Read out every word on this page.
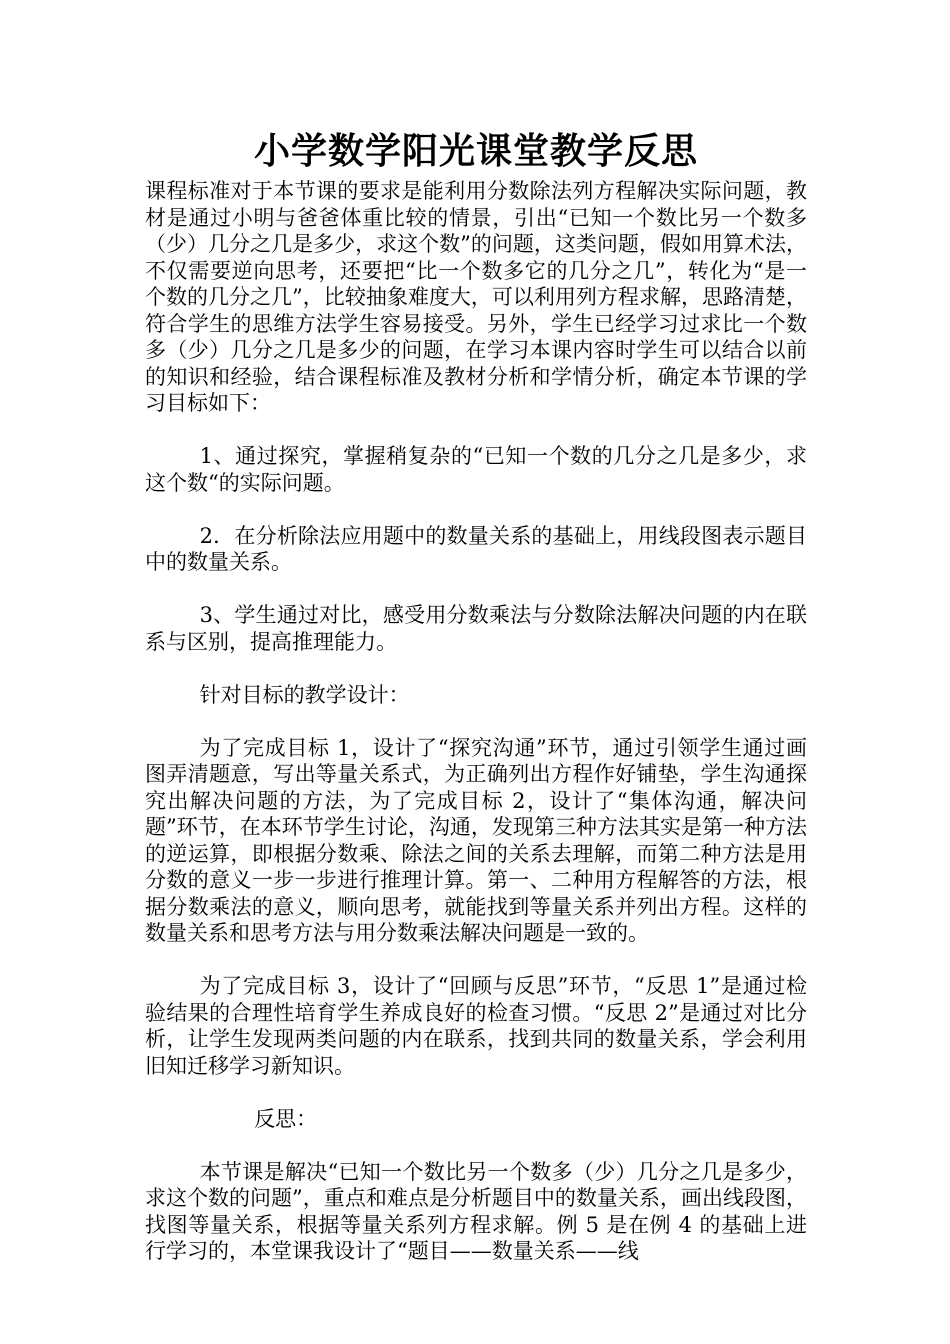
小学数学阳光课堂教学反思

课程标准对于本节课的要求是能利用分数除法列方程解决实际问题，教材是通过小明与爸爸体重比较的情景，引出“已知一个数比另一个数多（少）几分之几是多少，求这个数”的问题，这类问题，假如用算术法，不仅需要逆向思考，还要把“比一个数多它的几分之几”，转化为“是一个数的几分之几”，比较抽象难度大，可以利用列方程求解，思路清楚，符合学生的思维方法学生容易接受。另外，学生已经学习过求比一个数多（少）几分之几是多少的问题，在学习本课内容时学生可以结合以前的知识和经验，结合课程标准及教材分析和学情分析，确定本节课的学习目标如下：

1、通过探究，掌握稍复杂的“已知一个数的几分之几是多少，求这个数“的实际问题。

2．在分析除法应用题中的数量关系的基础上，用线段图表示题目中的数量关系。

3、学生通过对比，感受用分数乘法与分数除法解决问题的内在联系与区别，提高推理能力。

针对目标的教学设计：

为了完成目标 1，设计了“探究沟通”环节，通过引领学生通过画图弄清题意，写出等量关系式，为正确列出方程作好铺垫，学生沟通探究出解决问题的方法，为了完成目标 2，设计了“集体沟通，解决问题”环节，在本环节学生讨论，沟通，发现第三种方法其实是第一种方法的逆运算，即根据分数乘、除法之间的关系去理解，而第二种方法是用分数的意义一步一步进行推理计算。第一、二种用方程解答的方法，根据分数乘法的意义，顺向思考，就能找到等量关系并列出方程。这样的数量关系和思考方法与用分数乘法解决问题是一致的。

为了完成目标 3，设计了“回顾与反思”环节，“反思 1”是通过检验结果的合理性培育学生养成良好的检查习惯。“反思 2”是通过对比分析，让学生发现两类问题的内在联系，找到共同的数量关系，学会利用旧知迁移学习新知识。

反思：

本节课是解决“已知一个数比另一个数多（少）几分之几是多少，求这个数的问题”，重点和难点是分析题目中的数量关系，画出线段图，找图等量关系，根据等量关系列方程求解。例 5 是在例 4 的基础上进行学习的，本堂课我设计了“题目——数量关系——线
